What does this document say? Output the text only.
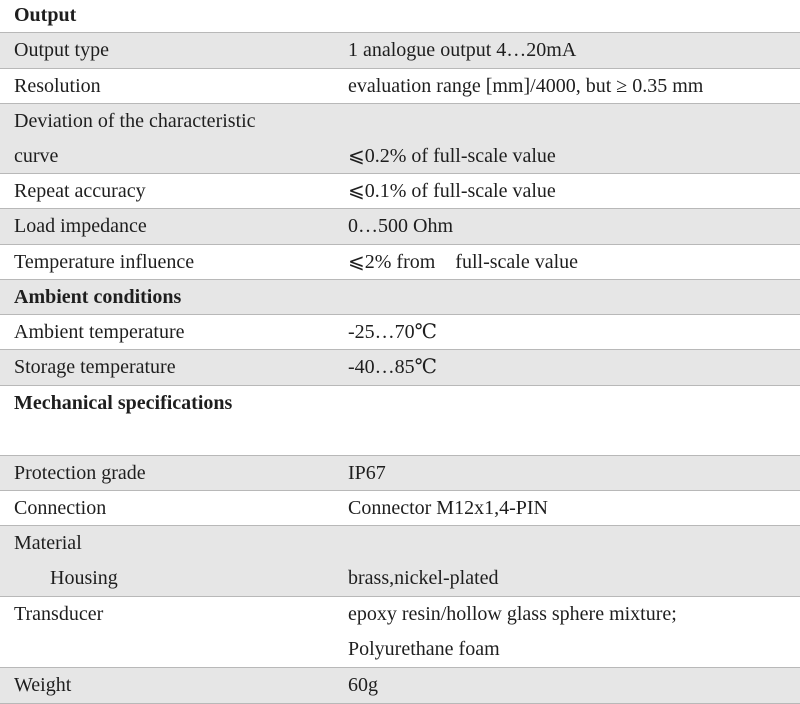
Output
Output type	1 analogue output 4…20mA
Resolution	evaluation range [mm]/4000, but ≥ 0.35 mm
Deviation of the characteristic
curve	⩽0.2% of full-scale value
Repeat accuracy	⩽0.1% of full-scale value
Load impedance	0…500 Ohm
Temperature influence	⩽2% from    full-scale value
Ambient conditions
Ambient temperature	-25…70℃
Storage temperature	-40…85℃
Mechanical specifications
Protection grade	IP67
Connection	Connector M12x1,4-PIN
Material
Housing	brass,nickel-plated
Transducer	epoxy resin/hollow glass sphere mixture;
Polyurethane foam
Weight	60g
